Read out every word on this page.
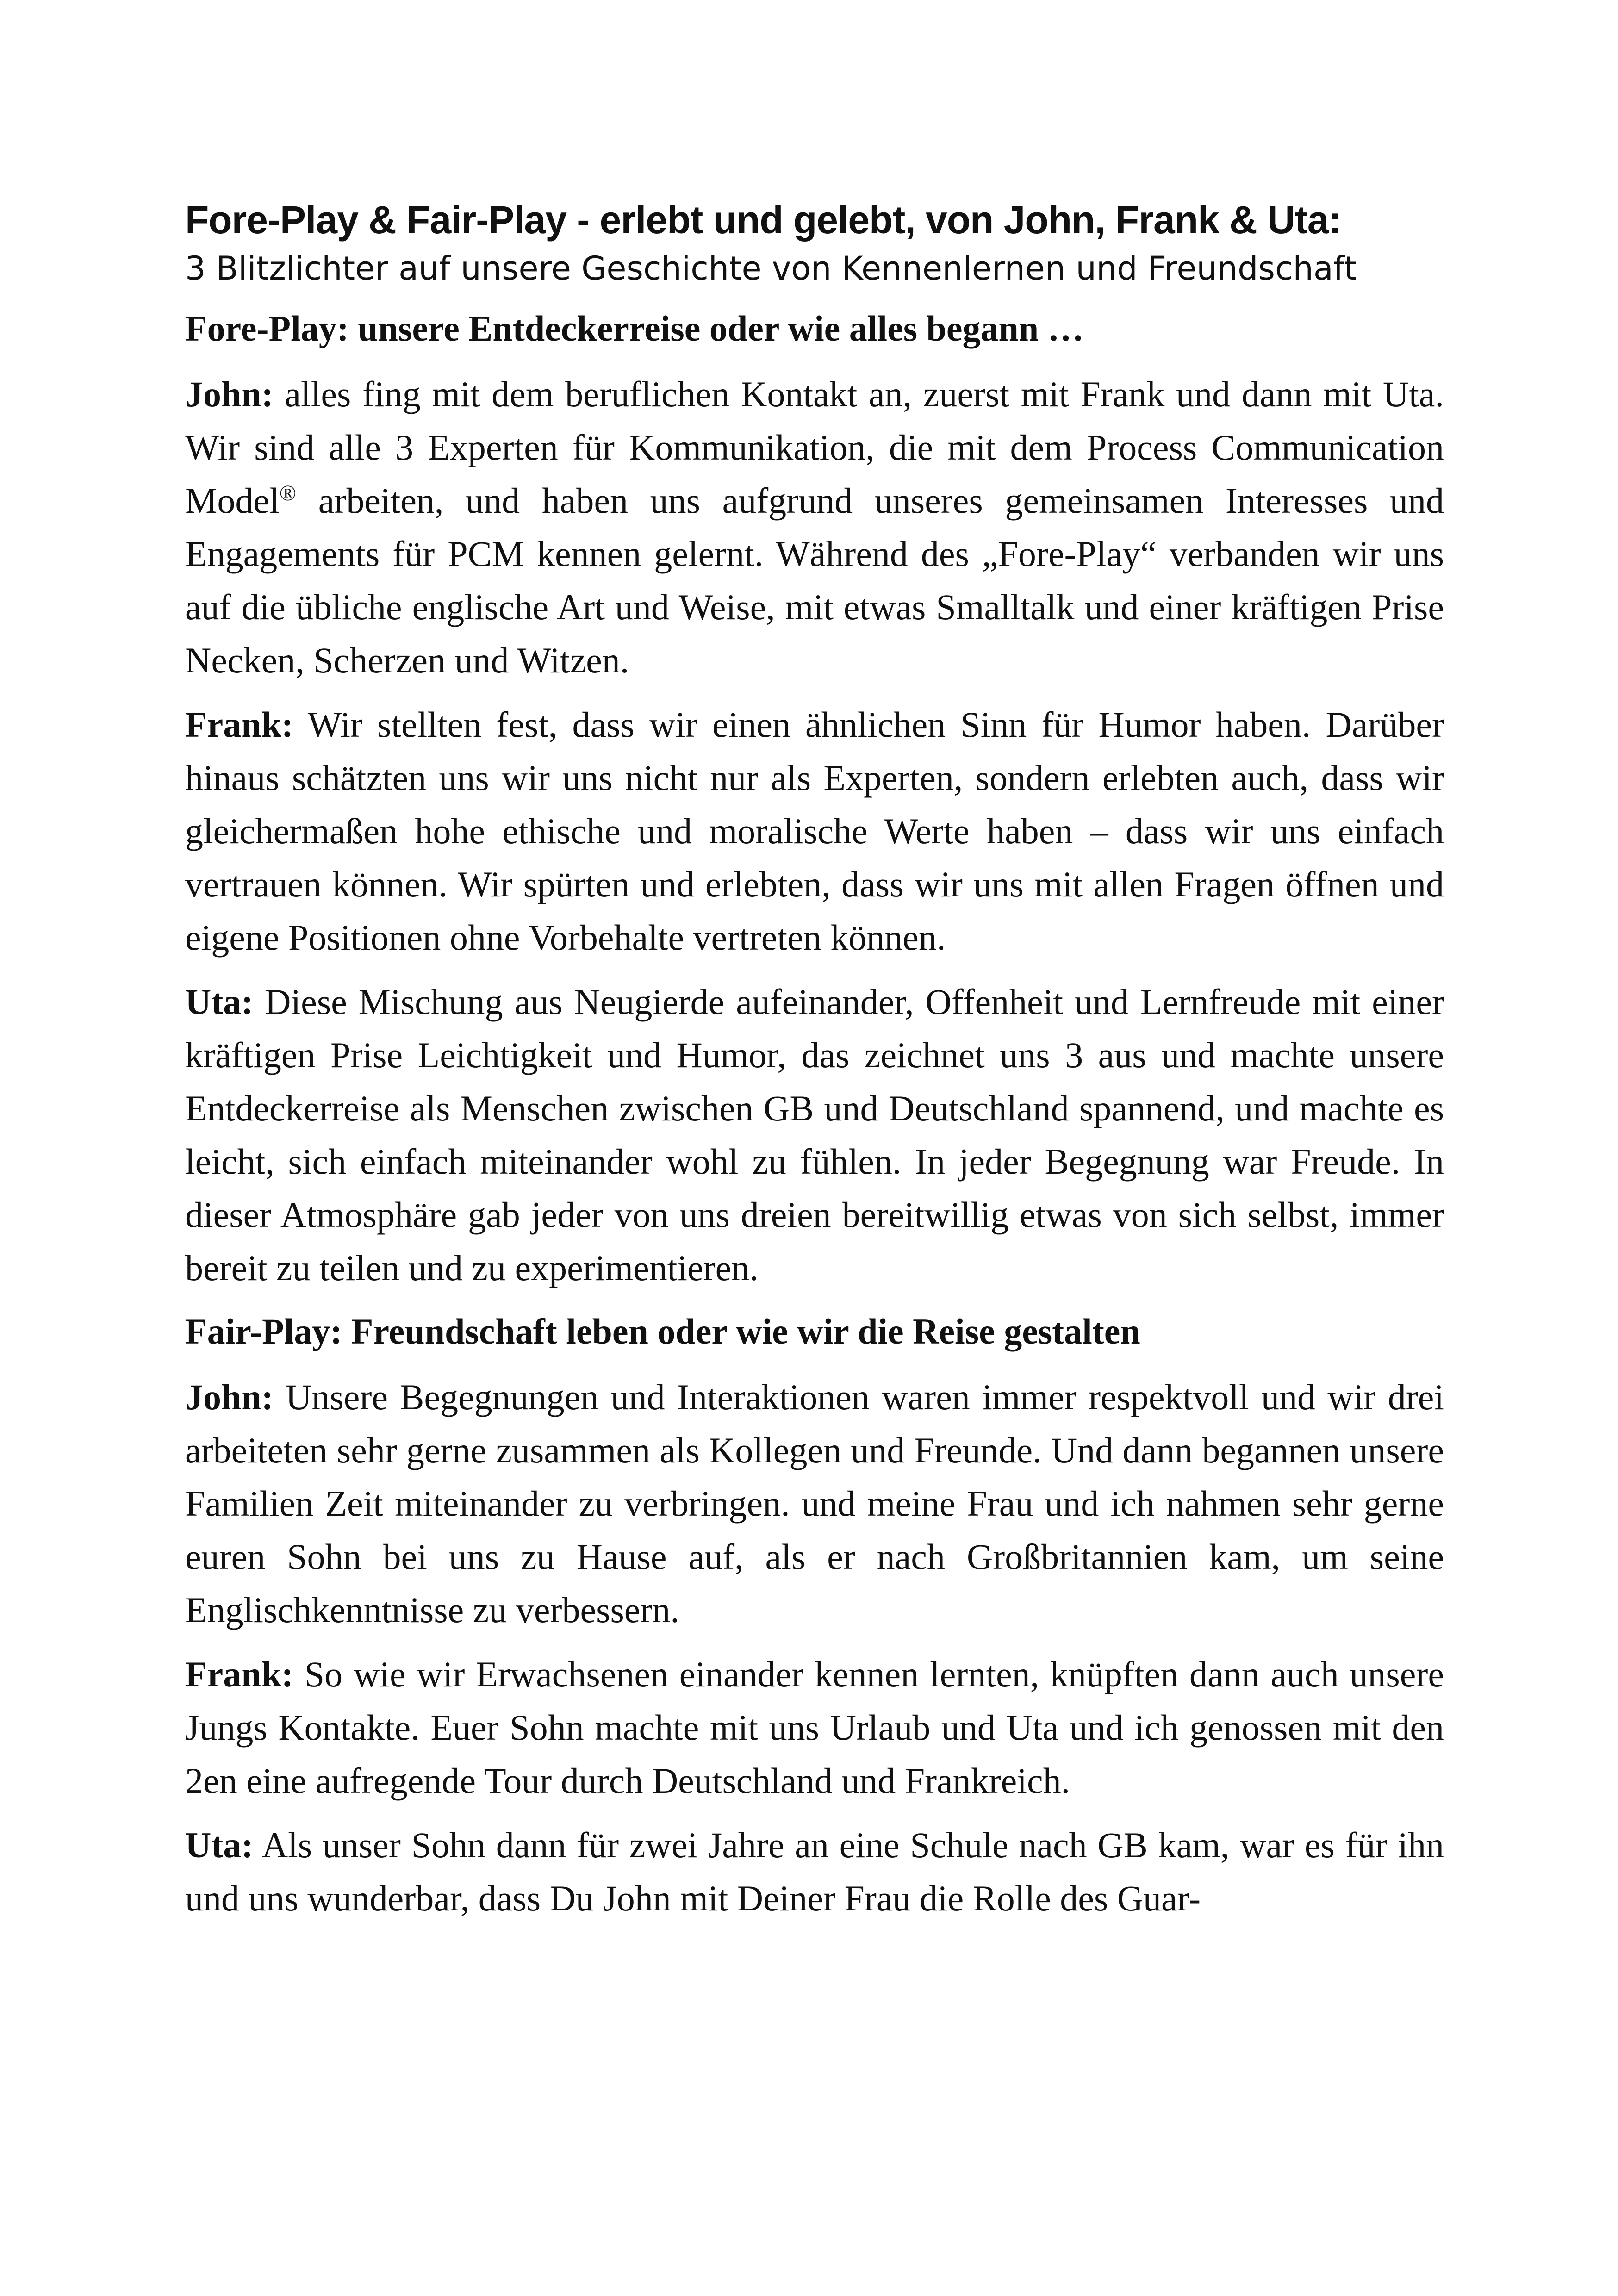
Fore-Play & Fair-Play - erlebt und gelebt, von John, Frank & Uta:

3 Blitzlichter auf unsere Geschichte von Kennenlernen und Freundschaft

Fore-Play: unsere Entdeckerreise oder wie alles begann …

John: alles fing mit dem beruflichen Kontakt an, zuerst mit Frank und dann mit Uta. Wir sind alle 3 Experten für Kommunikation, die mit dem Process Communication Model® arbeiten, und haben uns aufgrund unseres gemeinsamen Interesses und Engagements für PCM kennen gelernt. Während des „Fore-Play“ verbanden wir uns auf die übliche englische Art und Weise, mit etwas Smalltalk und einer kräftigen Prise Necken, Scherzen und Witzen.

Frank: Wir stellten fest, dass wir einen ähnlichen Sinn für Humor haben. Darüber hinaus schätzten uns wir uns nicht nur als Experten, sondern erlebten auch, dass wir gleichermaßen hohe ethische und moralische Werte haben – dass wir uns einfach vertrauen können. Wir spürten und erlebten, dass wir uns mit allen Fragen öffnen und eigene Positionen ohne Vorbehalte vertreten können.

Uta: Diese Mischung aus Neugierde aufeinander, Offenheit und Lernfreude mit einer kräftigen Prise Leichtigkeit und Humor, das zeichnet uns 3 aus und machte unsere Entdeckerreise als Menschen zwischen GB und Deutschland spannend, und machte es leicht, sich einfach miteinander wohl zu fühlen. In jeder Begegnung war Freude. In dieser Atmosphäre gab jeder von uns dreien bereitwillig etwas von sich selbst, immer bereit zu teilen und zu experimentieren.

Fair-Play: Freundschaft leben oder wie wir die Reise gestalten

John: Unsere Begegnungen und Interaktionen waren immer respektvoll und wir drei arbeiteten sehr gerne zusammen als Kollegen und Freunde. Und dann begannen unsere Familien Zeit miteinander zu verbringen. und meine Frau und ich nahmen sehr gerne euren Sohn bei uns zu Hause auf, als er nach Großbritannien kam, um seine Englischkenntnisse zu verbessern.

Frank: So wie wir Erwachsenen einander kennen lernten, knüpften dann auch unsere Jungs Kontakte. Euer Sohn machte mit uns Urlaub und Uta und ich genossen mit den 2en eine aufregende Tour durch Deutschland und Frankreich.

Uta: Als unser Sohn dann für zwei Jahre an eine Schule nach GB kam, war es für ihn und uns wunderbar, dass Du John mit Deiner Frau die Rolle des Guar-
